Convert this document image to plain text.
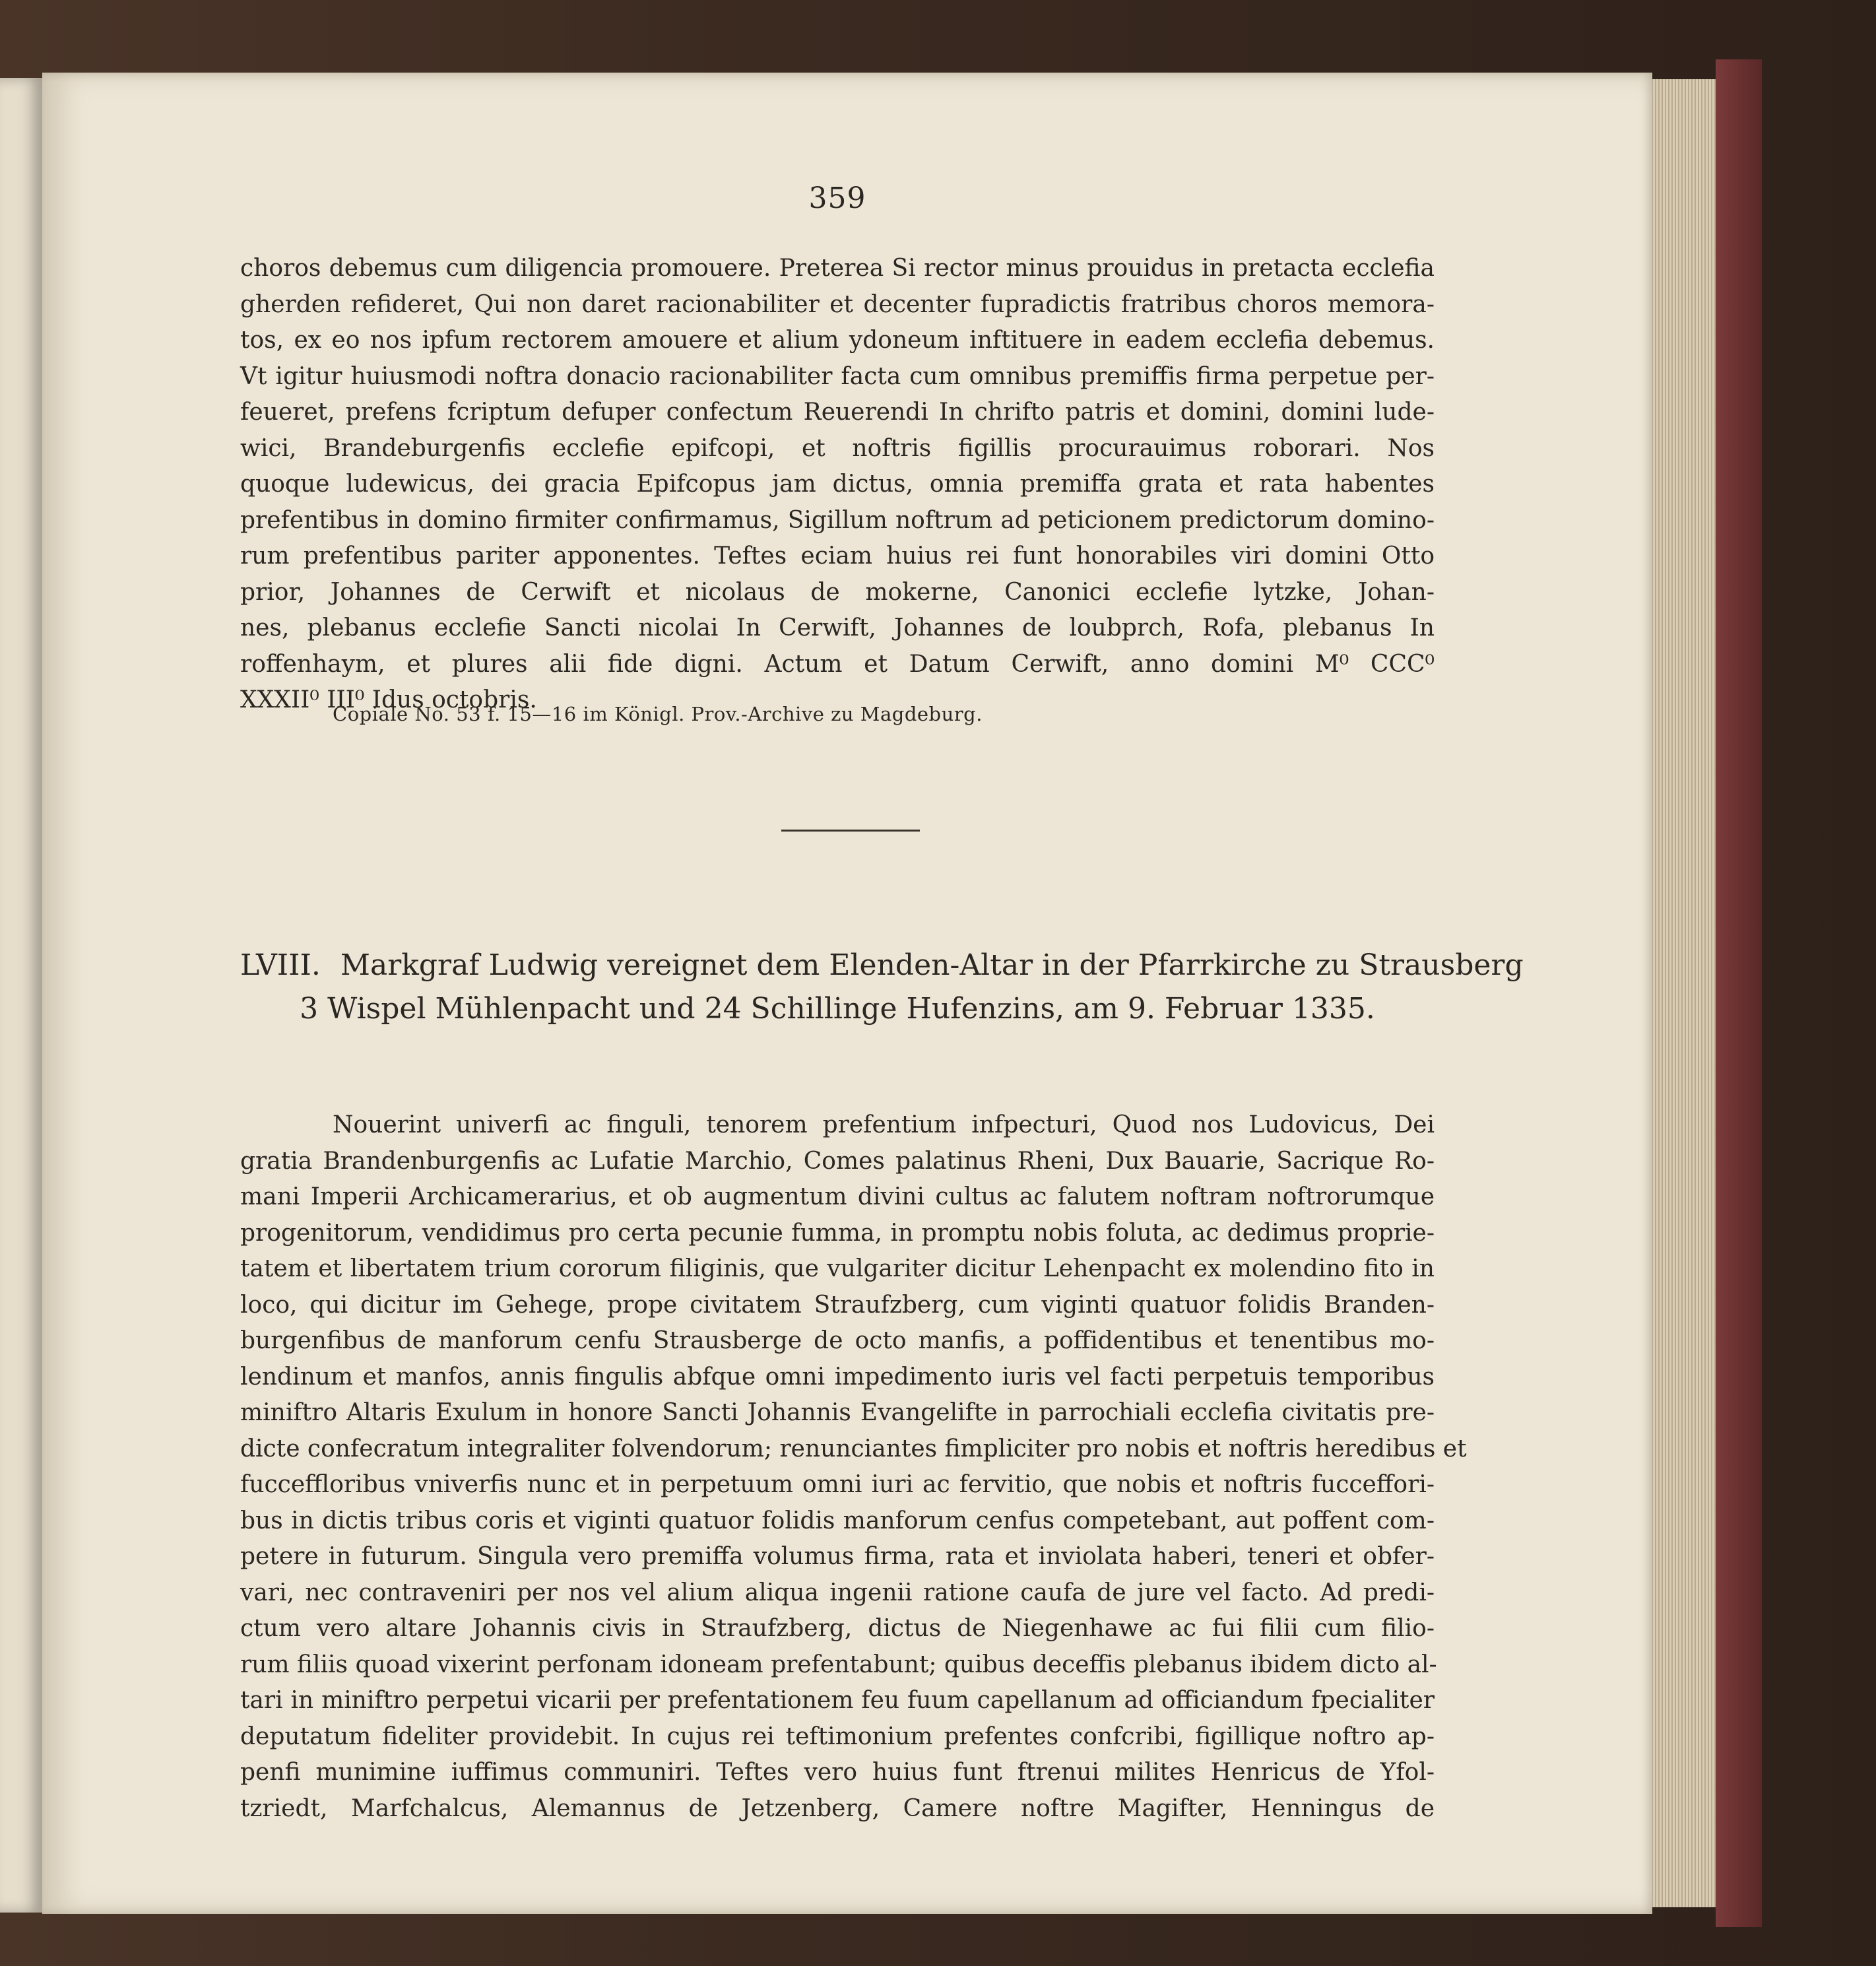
359
choros debemus cum diligencia promouere. Preterea Si rector minus prouidus in pretacta ecclefia
gherden refideret, Qui non daret racionabiliter et decenter fupradictis fratribus choros memora-
tos, ex eo nos ipfum rectorem amouere et alium ydoneum inftituere in eadem ecclefia debemus.
Vt igitur huiusmodi noftra donacio racionabiliter facta cum omnibus premiffis firma perpetue per-
feueret, prefens fcriptum defuper confectum Reuerendi In chrifto patris et domini, domini lude-
wici, Brandeburgenfis ecclefie epifcopi, et noftris figillis procurauimus roborari. Nos
quoque ludewicus, dei gracia Epifcopus jam dictus, omnia premiffa grata et rata habentes
prefentibus in domino firmiter confirmamus, Sigillum noftrum ad peticionem predictorum domino-
rum prefentibus pariter apponentes. Teftes eciam huius rei funt honorabiles viri domini Otto
prior, Johannes de Cerwift et nicolaus de mokerne, Canonici ecclefie lytzke, Johan-
nes, plebanus ecclefie Sancti nicolai In Cerwift, Johannes de loubprch, Rofa, plebanus In
roffenhaym, et plures alii fide digni. Actum et Datum Cerwift, anno domini M⁰ CCC⁰
XXXII⁰ III⁰ Idus octobris.
Copiale No. 53 f. 15—16 im Königl. Prov.-Archive zu Magdeburg.
LVIII. Markgraf Ludwig vereignet dem Elenden-Altar in der Pfarrkirche zu Strausberg
3 Wispel Mühlenpacht und 24 Schillinge Hufenzins, am 9. Februar 1335.
Nouerint univerfi ac finguli, tenorem prefentium infpecturi, Quod nos Ludovicus, Dei
gratia Brandenburgenfis ac Lufatie Marchio, Comes palatinus Rheni, Dux Bauarie, Sacrique Ro-
mani Imperii Archicamerarius, et ob augmentum divini cultus ac falutem noftram noftrorumque
progenitorum, vendidimus pro certa pecunie fumma, in promptu nobis foluta, ac dedimus proprie-
tatem et libertatem trium cororum filiginis, que vulgariter dicitur Lehenpacht ex molendino fito in
loco, qui dicitur im Gehege, prope civitatem Straufzberg, cum viginti quatuor folidis Branden-
burgenfibus de manforum cenfu Strausberge de octo manfis, a poffidentibus et tenentibus mo-
lendinum et manfos, annis fingulis abfque omni impedimento iuris vel facti perpetuis temporibus
miniftro Altaris Exulum in honore Sancti Johannis Evangelifte in parrochiali ecclefia civitatis pre-
dicte confecratum integraliter folvendorum; renunciantes fimpliciter pro nobis et noftris heredibus et
fucceffloribus vniverfis nunc et in perpetuum omni iuri ac fervitio, que nobis et noftris fucceffori-
bus in dictis tribus coris et viginti quatuor folidis manforum cenfus competebant, aut poffent com-
petere in futurum. Singula vero premiffa volumus firma, rata et inviolata haberi, teneri et obfer-
vari, nec contraveniri per nos vel alium aliqua ingenii ratione caufa de jure vel facto. Ad predi-
ctum vero altare Johannis civis in Straufzberg, dictus de Niegenhawe ac fui filii cum filio-
rum filiis quoad vixerint perfonam idoneam prefentabunt; quibus deceffis plebanus ibidem dicto al-
tari in miniftro perpetui vicarii per prefentationem feu fuum capellanum ad officiandum fpecialiter
deputatum fideliter providebit. In cujus rei teftimonium prefentes confcribi, figillique noftro ap-
penfi munimine iuffimus communiri. Teftes vero huius funt ftrenui milites Henricus de Yfol-
tzriedt, Marfchalcus, Alemannus de Jetzenberg, Camere noftre Magifter, Henningus de
